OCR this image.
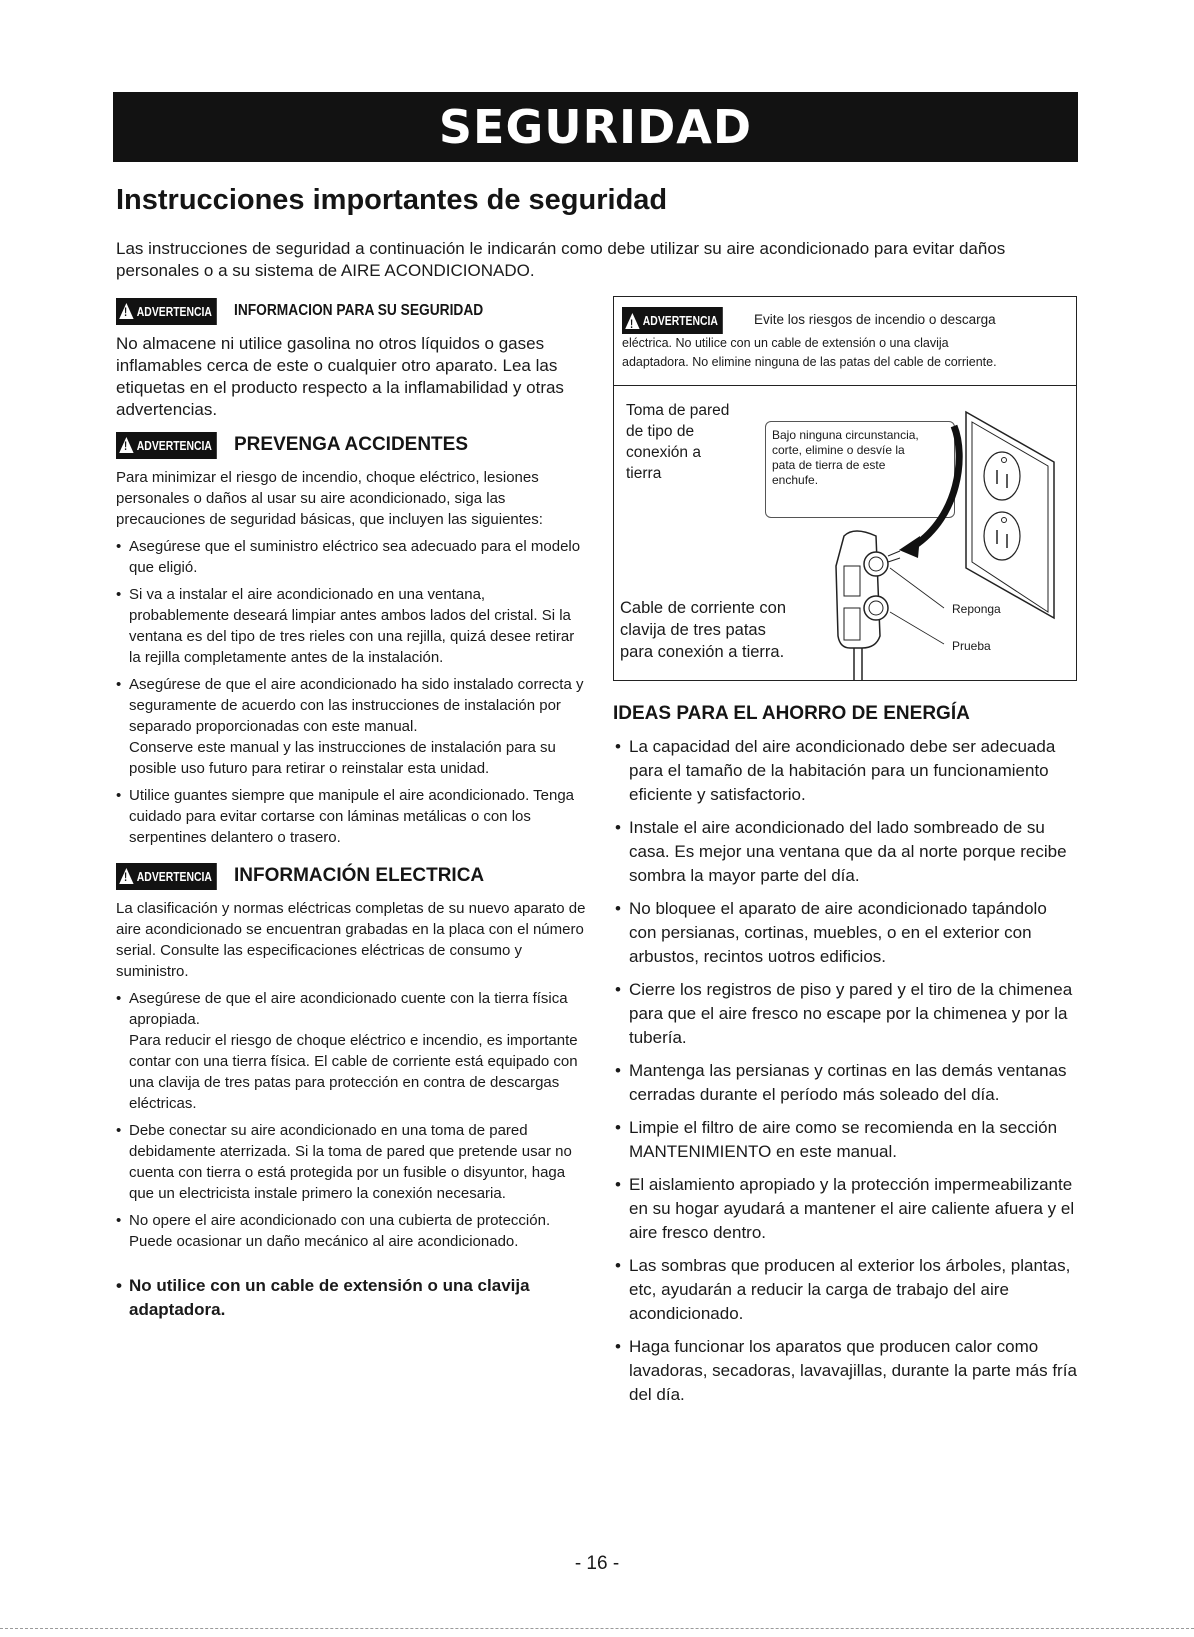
SEGURIDAD
Instrucciones importantes de seguridad

Las instrucciones de seguridad a continuación le indicarán como debe utilizar su aire acondicionado para evitar daños personales o a su sistema de AIRE ACONDICIONADO.

!
ADVERTENCIA INFORMACION PARA SU SEGURIDAD

No almacene ni utilice gasolina no otros líquidos o gases inflamables cerca de este o cualquier otro aparato. Lea las etiquetas en el producto respecto a la inflamabilidad y otras advertencias.

!
ADVERTENCIA PREVENGA ACCIDENTES

Para minimizar el riesgo de incendio, choque eléctrico, lesiones personales o daños al usar su aire acondicionado, siga las precauciones de seguridad básicas, que incluyen las siguientes:

• Asegúrese que el suministro eléctrico sea adecuado para el modelo que eligió.
• Si va a instalar el aire acondicionado en una ventana, probablemente deseará limpiar antes ambos lados del cristal. Si la ventana es del tipo de tres rieles con una rejilla, quizá desee retirar la rejilla completamente antes de la instalación.
• Asegúrese de que el aire acondicionado ha sido instalado correcta y seguramente de acuerdo con las instrucciones de instalación por separado proporcionadas con este manual.
Conserve este manual y las instrucciones de instalación para su posible uso futuro para retirar o reinstalar esta unidad.
• Utilice guantes siempre que manipule el aire acondicionado. Tenga cuidado para evitar cortarse con láminas metálicas o con los serpentines delantero o trasero.
!
ADVERTENCIA INFORMACIÓN ELECTRICA

La clasificación y normas eléctricas completas de su nuevo aparato de aire acondicionado se encuentran grabadas en la placa con el número serial. Consulte las especificaciones eléctricas de consumo y suministro.

• Asegúrese de que el aire acondicionado cuente con la tierra física apropiada.
Para reducir el riesgo de choque eléctrico e incendio, es importante contar con una tierra física. El cable de corriente está equipado con una clavija de tres patas para protección en contra de descargas eléctricas.
• Debe conectar su aire acondicionado en una toma de pared debidamente aterrizada. Si la toma de pared que pretende usar no cuenta con tierra o está protegida por un fusible o disyuntor, haga que un electricista instale primero la conexión necesaria.
• No opere el aire acondicionado con una cubierta de protección. Puede ocasionar un daño mecánico al aire acondicionado.
• No utilice con un cable de extensión o una clavija adaptadora.
!
ADVERTENCIA	Evite los riesgos de incendio o descarga
eléctrica. No utilice con un cable de extensión o una clavija
adaptadora. No elimine ninguna de las patas del cable de corriente.
Toma de pared
de tipo de
conexión a
tierra
Bajo ninguna circunstancia,
corte, elimine o desvíe la
pata de tierra de este
enchufe.
Reponga
Prueba
Cable de corriente con
clavija de tres patas
para conexión a tierra.
IDEAS PARA EL AHORRO DE ENERGÍA
• La capacidad del aire acondicionado debe ser adecuada para el tamaño de la habitación para un funcionamiento eficiente y satisfactorio.
• Instale el aire acondicionado del lado sombreado de su casa. Es mejor una ventana que da al norte porque recibe sombra la mayor parte del día.
• No bloquee el aparato de aire acondicionado tapándolo con persianas, cortinas, muebles, o en el exterior con arbustos, recintos uotros edificios.
• Cierre los registros de piso y pared y el tiro de la chimenea para que el aire fresco no escape por la chimenea y por la tubería.
• Mantenga las persianas y cortinas en las demás ventanas cerradas durante el período más soleado del día.
• Limpie el filtro de aire como se recomienda en la sección MANTENIMIENTO en este manual.
• El aislamiento apropiado y la protección impermeabilizante en su hogar ayudará a mantener el aire caliente afuera y el aire fresco dentro.
• Las sombras que producen al exterior los árboles, plantas, etc, ayudarán a reducir la carga de trabajo del aire acondicionado.
• Haga funcionar los aparatos que producen calor como lavadoras, secadoras, lavavajillas, durante la parte más fría del día.
- 16 -
